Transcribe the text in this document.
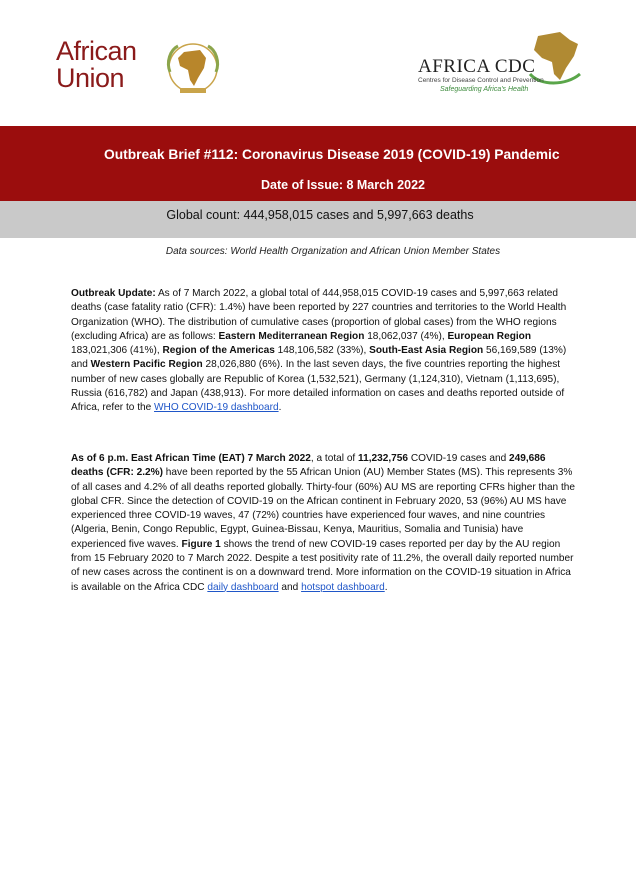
African
Union	AFRICA CDC
Centres for Disease Control and Prevention
Safeguarding Africa's Health
Outbreak Brief #112: Coronavirus Disease 2019 (COVID-19) Pandemic
Date of Issue: 8 March 2022
Global count: 444,958,015 cases and 5,997,663 deaths
Data sources: World Health Organization and African Union Member States

Outbreak Update: As of 7 March 2022, a global total of 444,958,015 COVID-19 cases and 5,997,663 related deaths (case fatality ratio (CFR): 1.4%) have been reported by 227 countries and territories to the World Health Organization (WHO). The distribution of cumulative cases (proportion of global cases) from the WHO regions (excluding Africa) are as follows: Eastern Mediterranean Region 18,062,037 (4%), European Region 183,021,306 (41%), Region of the Americas 148,106,582 (33%), South-East Asia Region 56,169,589 (13%) and Western Pacific Region 28,026,880 (6%). In the last seven days, the five countries reporting the highest number of new cases globally are Republic of Korea (1,532,521), Germany (1,124,310), Vietnam (1,113,695), Russia (616,782) and Japan (438,913). For more detailed information on cases and deaths reported outside of Africa, refer to the WHO COVID-19 dashboard.

As of 6 p.m. East African Time (EAT) 7 March 2022, a total of 11,232,756 COVID-19 cases and 249,686 deaths (CFR: 2.2%) have been reported by the 55 African Union (AU) Member States (MS). This represents 3% of all cases and 4.2% of all deaths reported globally. Thirty-four (60%) AU MS are reporting CFRs higher than the global CFR. Since the detection of COVID-19 on the African continent in February 2020, 53 (96%) AU MS have experienced three COVID-19 waves, 47 (72%) countries have experienced four waves, and nine countries (Algeria, Benin, Congo Republic, Egypt, Guinea-Bissau, Kenya, Mauritius, Somalia and Tunisia) have experienced five waves. Figure 1 shows the trend of new COVID-19 cases reported per day by the AU region from 15 February 2020 to 7 March 2022. Despite a test positivity rate of 11.2%, the overall daily reported number of new cases across the continent is on a downward trend. More information on the COVID-19 situation in Africa is available on the Africa CDC daily dashboard and hotspot dashboard.
